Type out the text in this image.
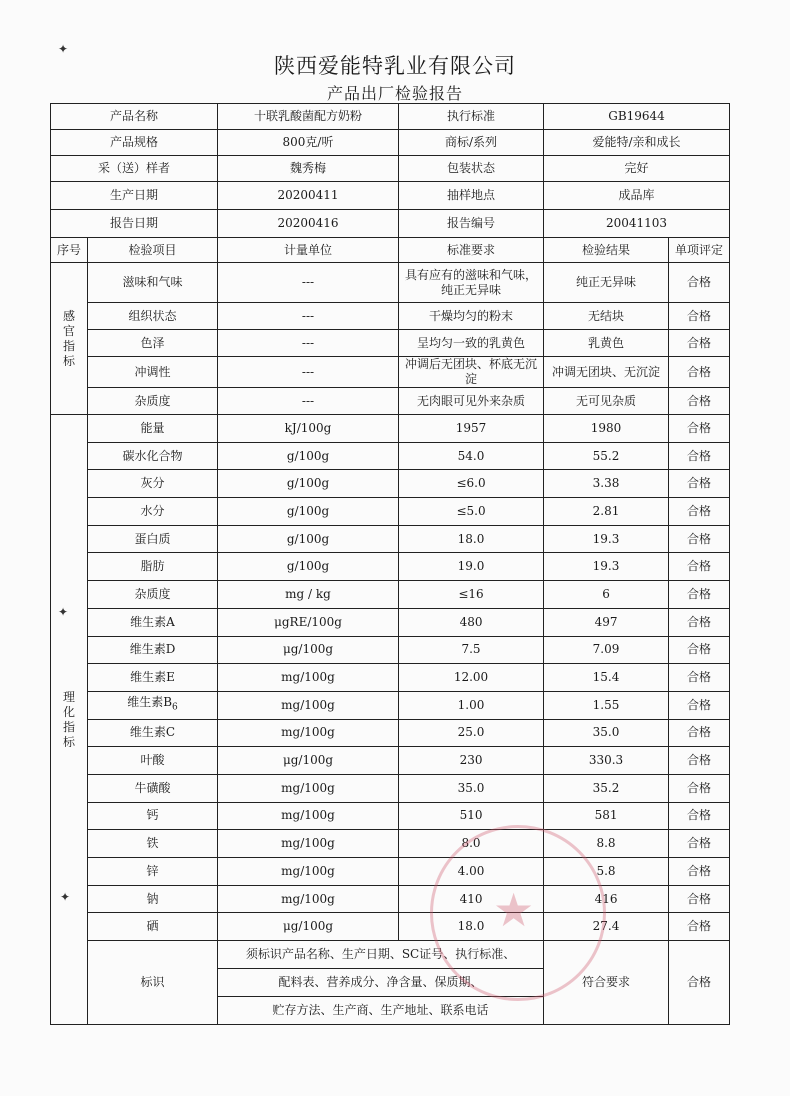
陕西爱能特乳业有限公司
产品出厂检验报告
产品名称		十联乳酸菌配方奶粉	执行标准	GB19644	
产品规格		800克/听	商标/系列	爱能特/亲和成长	
采（送）样者		魏秀梅	包装状态	完好	
生产日期		20200411	抽样地点	成品库	
报告日期		20200416	报告编号	20041103	
序号	检验项目	计量单位	标准要求	检验结果	单项评定

感
官
指
标	滋味和气味	---	具有应有的滋味和气味，纯正无异味	纯正无异味	合格
	组织状态	---	干燥均匀的粉末	无结块	合格
	色泽	---	呈均匀一致的乳黄色	乳黄色	合格
	冲调性	---	冲调后无团块、杯底无沉淀	冲调无团块、无沉淀	合格
	杂质度	---	无肉眼可见外来杂质	无可见杂质	合格

理
化
指
标	能量	kJ/100g	1957	1980	合格
	碳水化合物	g/100g	54.0	55.2	合格
	灰分	g/100g	≤6.0	3.38	合格
	水分	g/100g	≤5.0	2.81	合格
	蛋白质	g/100g	18.0	19.3	合格
	脂肪	g/100g	19.0	19.3	合格
	杂质度	mg / kg	≤16	6	合格
	维生素A	μgRE/100g	480	497	合格
	维生素D	μg/100g	7.5	7.09	合格
	维生素E	mg/100g	12.00	15.4	合格
	维生素$B_6$	mg/100g	1.00	1.55	合格
	维生素C	mg/100g	25.0	35.0	合格
	叶酸	μg/100g	230	330.3	合格
	牛磺酸	mg/100g	35.0	35.2	合格
	钙	mg/100g	510	581	合格
	铁	mg/100g	8.0	8.8	合格
	锌	mg/100g	4.00	5.8	合格
	钠	mg/100g	410	416	合格
	硒	μg/100g	18.0	27.4	合格
	标识	须标识产品名称、生产日期、SC证号、执行标准、
配料表、营养成分、净含量、保质期、
贮存方法、生产商、生产地址、联系电话		符合要求	合格
★
✦
✦
✦
